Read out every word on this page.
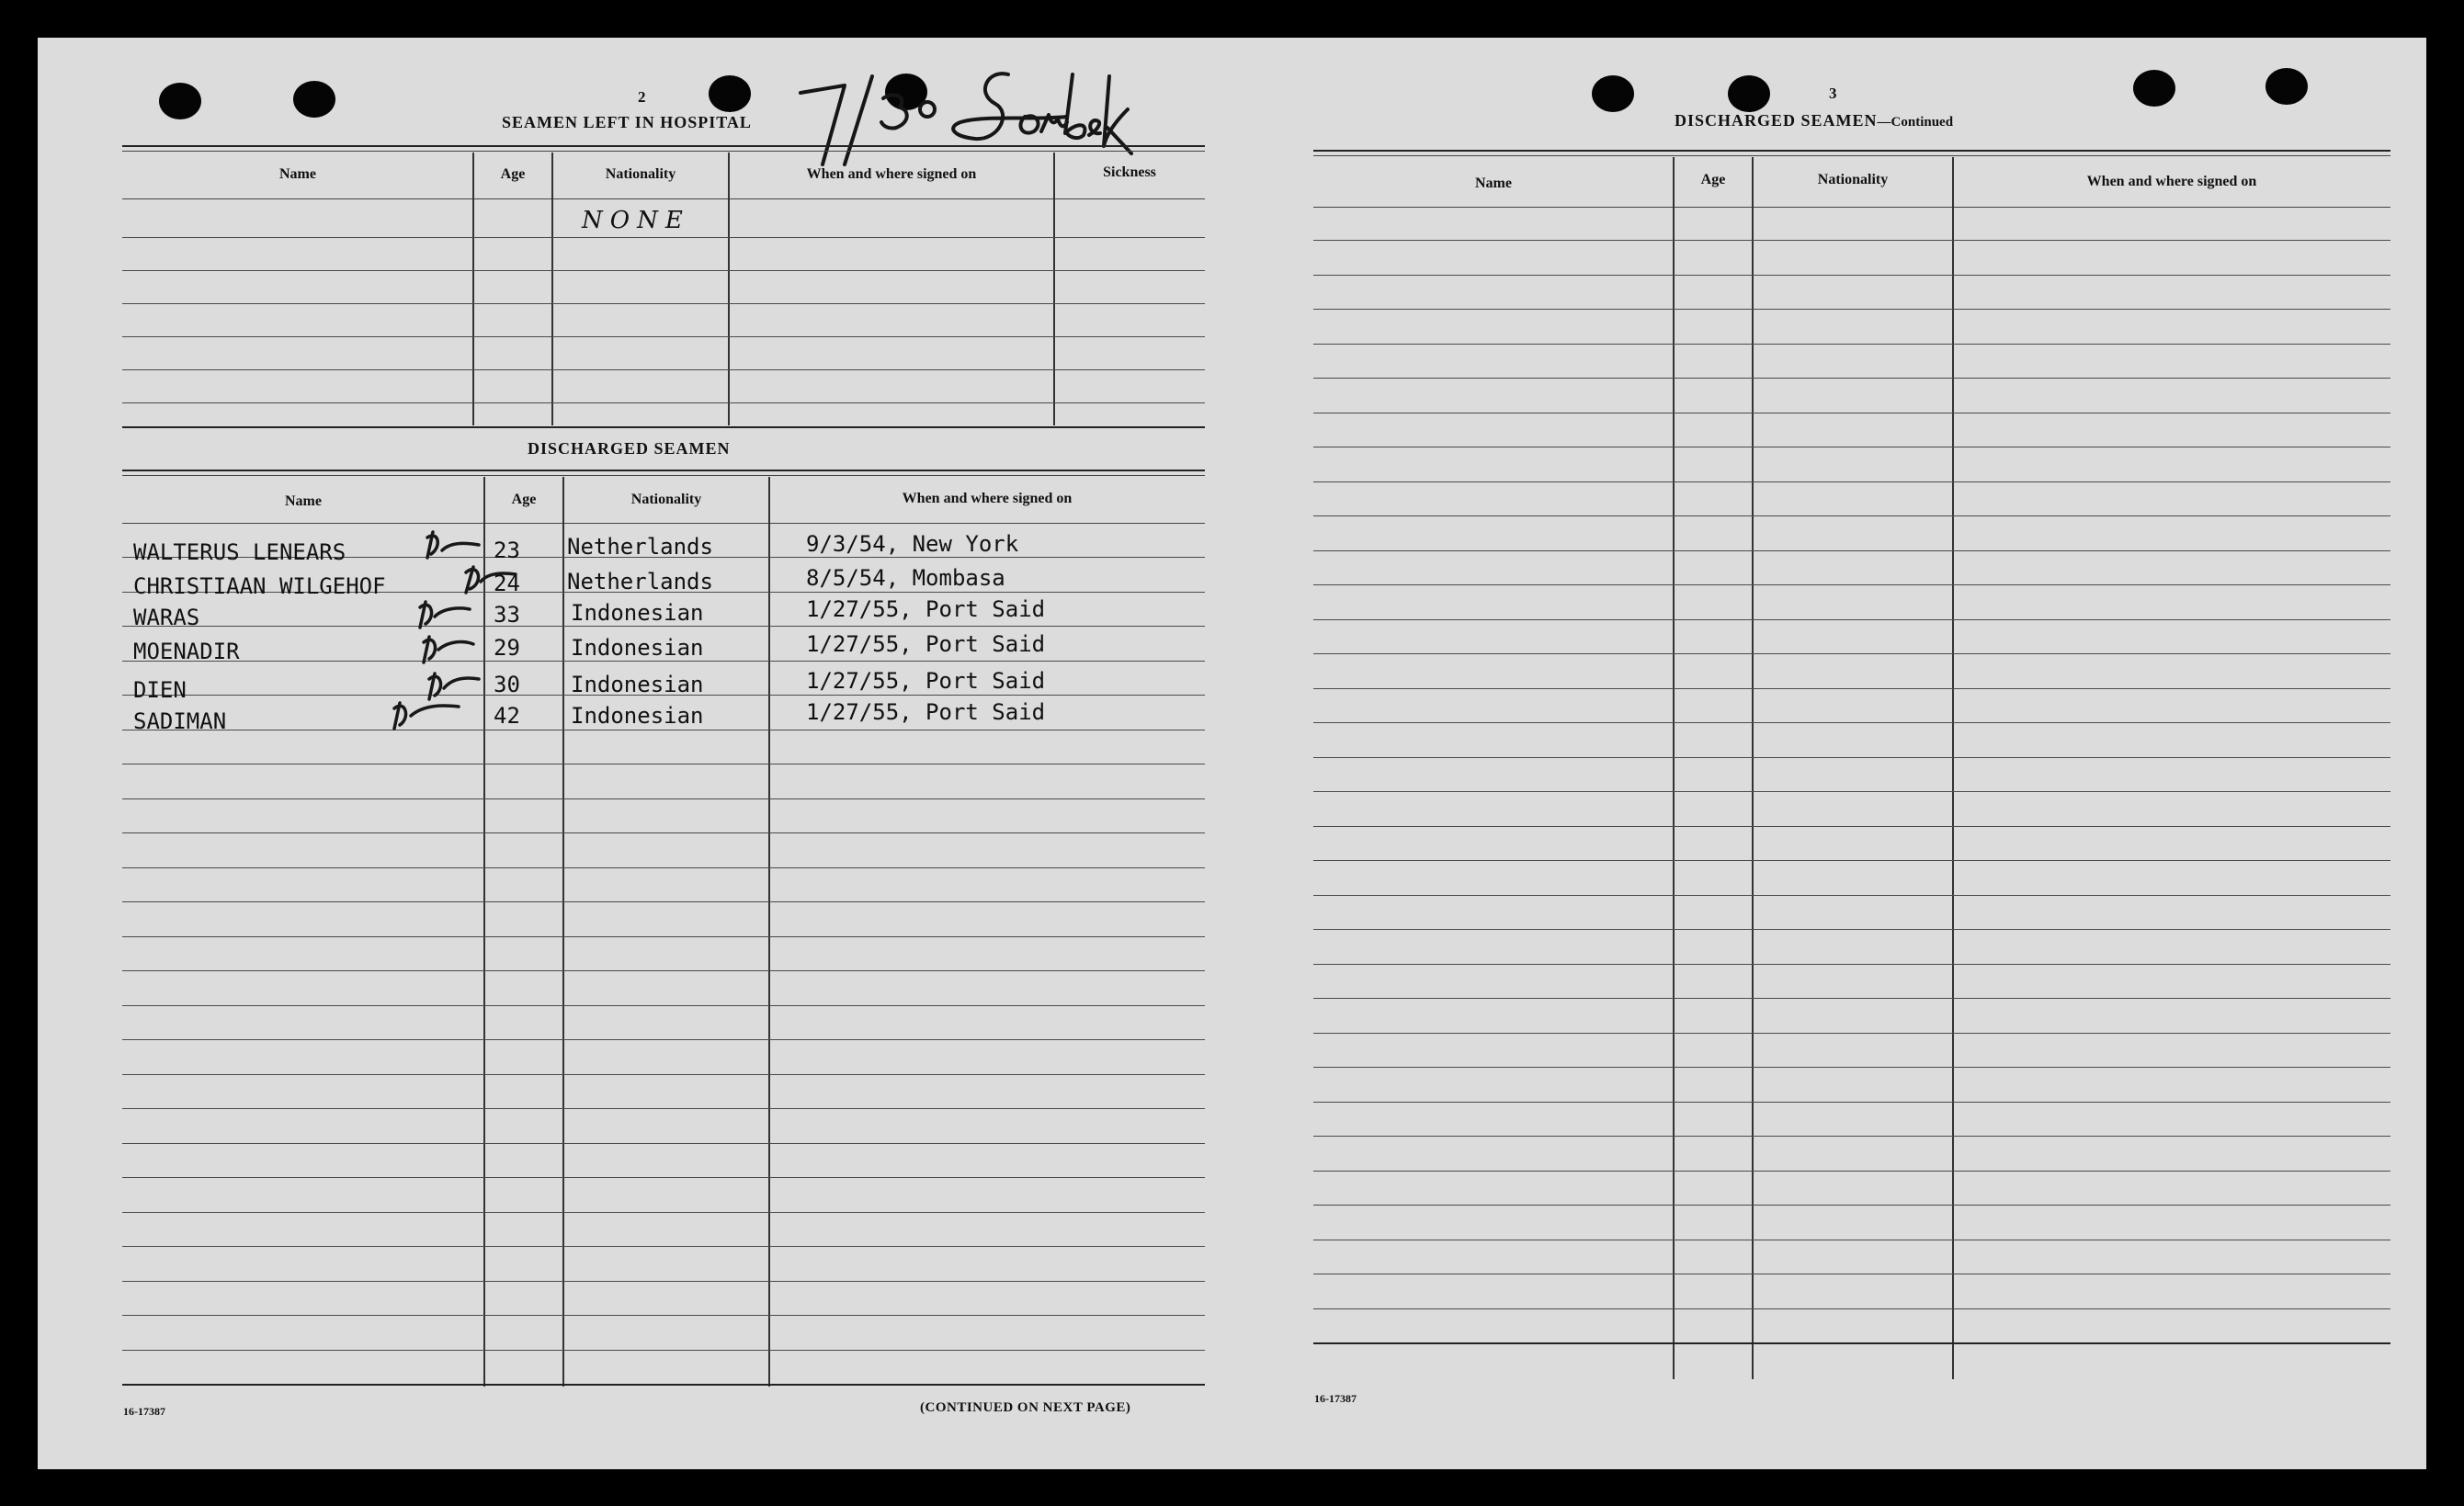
2
SEAMEN LEFT IN HOSPITAL
Name	Age	Nationality	When and where signed on	Sickness
NONE
DISCHARGED SEAMEN
Name	Age	Nationality	When and where signed on
WALTERUS LENEARS	23 Netherlands	9/3/54, New York
CHRISTIAAN WILGEHOF	24 Netherlands	8/5/54, Mombasa
WARAS	33 Indonesian	1/27/55, Port Said
MOENADIR	29 Indonesian	1/27/55, Port Said
DIEN	30 Indonesian	1/27/55, Port Said
SADIMAN	42 Indonesian	1/27/55, Port Said
16-17387	(CONTINUED ON NEXT PAGE)
3
DISCHARGED SEAMEN—Continued
Name	Age	Nationality	When and where signed on
16-17387
